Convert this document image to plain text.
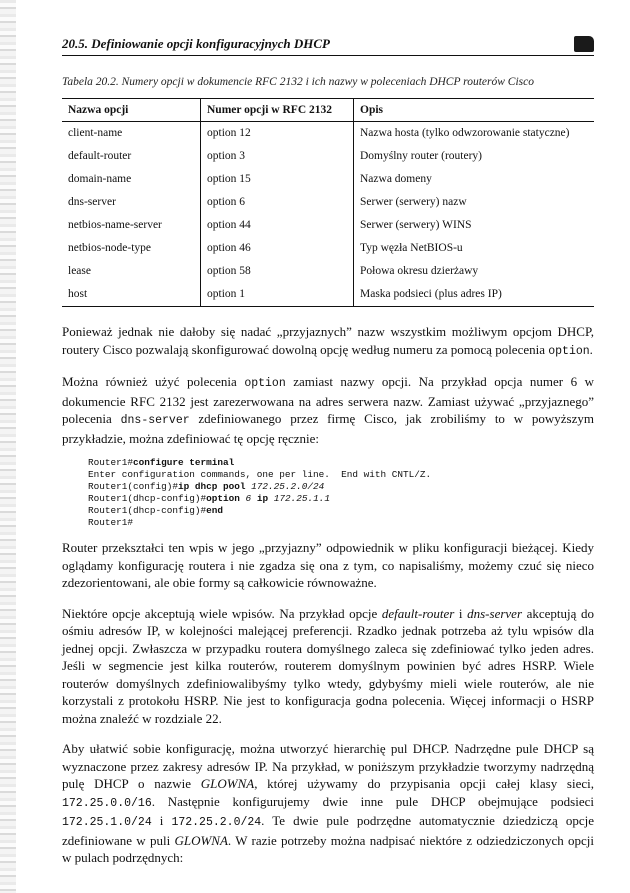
20.5. Definiowanie opcji konfiguracyjnych DHCP
Tabela 20.2. Numery opcji w dokumencie RFC 2132 i ich nazwy w poleceniach DHCP routerów Cisco
Nazwa opcji	Numer opcji w RFC 2132	Opis
client-name	option 12	Nazwa hosta (tylko odwzorowanie statyczne)
default-router	option 3	Domyślny router (routery)
domain-name	option 15	Nazwa domeny
dns-server	option 6	Serwer (serwery) nazw
netbios-name-server	option 44	Serwer (serwery) WINS
netbios-node-type	option 46	Typ węzła NetBIOS-u
lease	option 58	Połowa okresu dzierżawy
host	option 1	Maska podsieci (plus adres IP)

Ponieważ jednak nie dałoby się nadać „przyjaznych” nazw wszystkim możliwym opcjom DHCP, routery Cisco pozwalają skonfigurować dowolną opcję według numeru za pomocą polecenia option.

Można również użyć polecenia option zamiast nazwy opcji. Na przykład opcja numer 6 w dokumencie RFC 2132 jest zarezerwowana na adres serwera nazw. Zamiast używać „przyjaznego” polecenia dns-server zdefiniowanego przez firmę Cisco, jak zrobiliśmy to w powyższym przykładzie, można zdefiniować tę opcję ręcznie:

Router1#configure terminal
Enter configuration commands, one per line.  End with CNTL/Z.
Router1(config)#ip dhcp pool 172.25.2.0/24
Router1(dhcp-config)#option 6 ip 172.25.1.1
Router1(dhcp-config)#end
Router1#

Router przekształci ten wpis w jego „przyjazny” odpowiednik w pliku konfiguracji bieżącej. Kiedy oglądamy konfigurację routera i nie zgadza się ona z tym, co napisaliśmy, możemy czuć się nieco zdezorientowani, ale obie formy są całkowicie równoważne.

Niektóre opcje akceptują wiele wpisów. Na przykład opcje default-router i dns-server akceptują do ośmiu adresów IP, w kolejności malejącej preferencji. Rzadko jednak potrzeba aż tylu wpisów dla jednej opcji. Zwłaszcza w przypadku routera domyślnego zaleca się zdefiniować tylko jeden adres. Jeśli w segmencie jest kilka routerów, routerem domyślnym powinien być adres HSRP. Wiele routerów domyślnych zdefiniowalibyśmy tylko wtedy, gdybyśmy mieli wiele routerów, ale nie korzystali z protokołu HSRP. Nie jest to konfiguracja godna polecenia. Więcej informacji o HSRP można znaleźć w rozdziale 22.

Aby ułatwić sobie konfigurację, można utworzyć hierarchię pul DHCP. Nadrzędne pule DHCP są wyznaczone przez zakresy adresów IP. Na przykład, w poniższym przykładzie tworzymy nadrzędną pulę DHCP o nazwie GLOWNA, której używamy do przypisania opcji całej klasy sieci, 172.25.0.0/16. Następnie konfigurujemy dwie inne pule DHCP obejmujące podsieci 172.25.1.0/24 i 172.25.2.0/24. Te dwie pule podrzędne automatycznie dziedziczą opcje zdefiniowane w puli GLOWNA. W razie potrzeby można nadpisać niektóre z odziedziczonych opcji w pulach podrzędnych:
